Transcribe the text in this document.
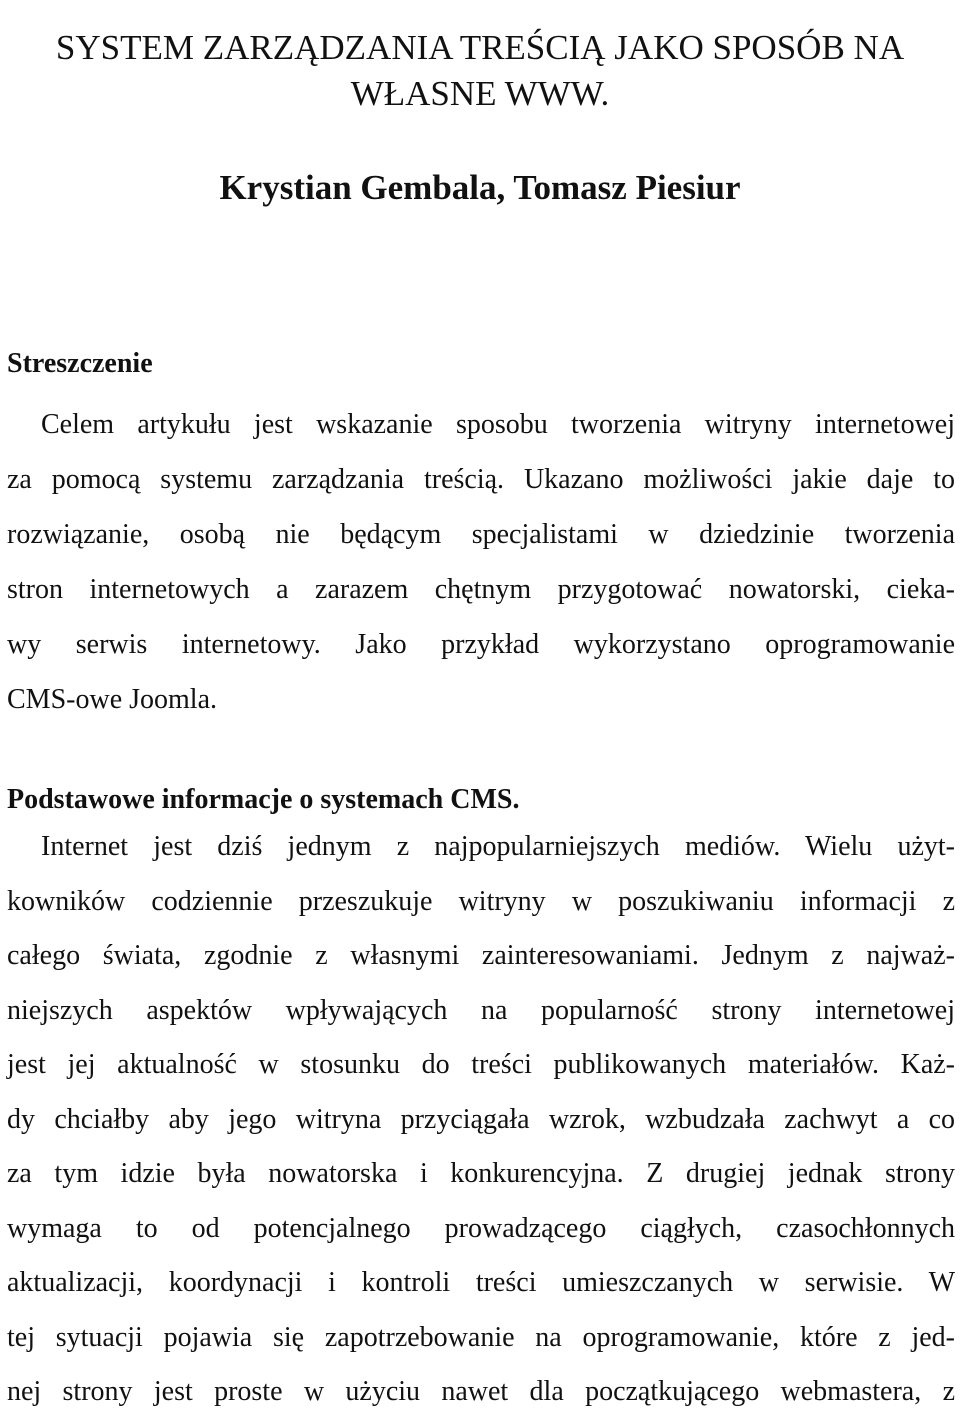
SYSTEM ZARZĄDZANIA TREŚCIĄ JAKO SPOSÓB NA
WŁASNE WWW.
Krystian Gembala, Tomasz Piesiur
Streszczenie
Celem artykułu jest wskazanie sposobu tworzenia witryny internetowej
za pomocą systemu zarządzania treścią. Ukazano możliwości jakie daje to
rozwiązanie, osobą nie będącym specjalistami w dziedzinie tworzenia
stron internetowych a zarazem chętnym przygotować nowatorski, cieka-
wy serwis internetowy. Jako przykład wykorzystano oprogramowanie
CMS-owe Joomla.
Podstawowe informacje o systemach CMS.
Internet jest dziś jednym z najpopularniejszych mediów. Wielu użyt-
kowników codziennie przeszukuje witryny w poszukiwaniu informacji z
całego świata, zgodnie z własnymi zainteresowaniami. Jednym z najważ-
niejszych aspektów wpływających na popularność strony internetowej
jest jej aktualność w stosunku do treści publikowanych materiałów. Każ-
dy chciałby aby jego witryna przyciągała wzrok, wzbudzała zachwyt a co
za tym idzie była nowatorska i konkurencyjna. Z drugiej jednak strony
wymaga to od potencjalnego prowadzącego ciągłych, czasochłonnych
aktualizacji, koordynacji i kontroli treści umieszczanych w serwisie. W
tej sytuacji pojawia się zapotrzebowanie na oprogramowanie, które z jed-
nej strony jest proste w użyciu nawet dla początkującego webmastera, z
